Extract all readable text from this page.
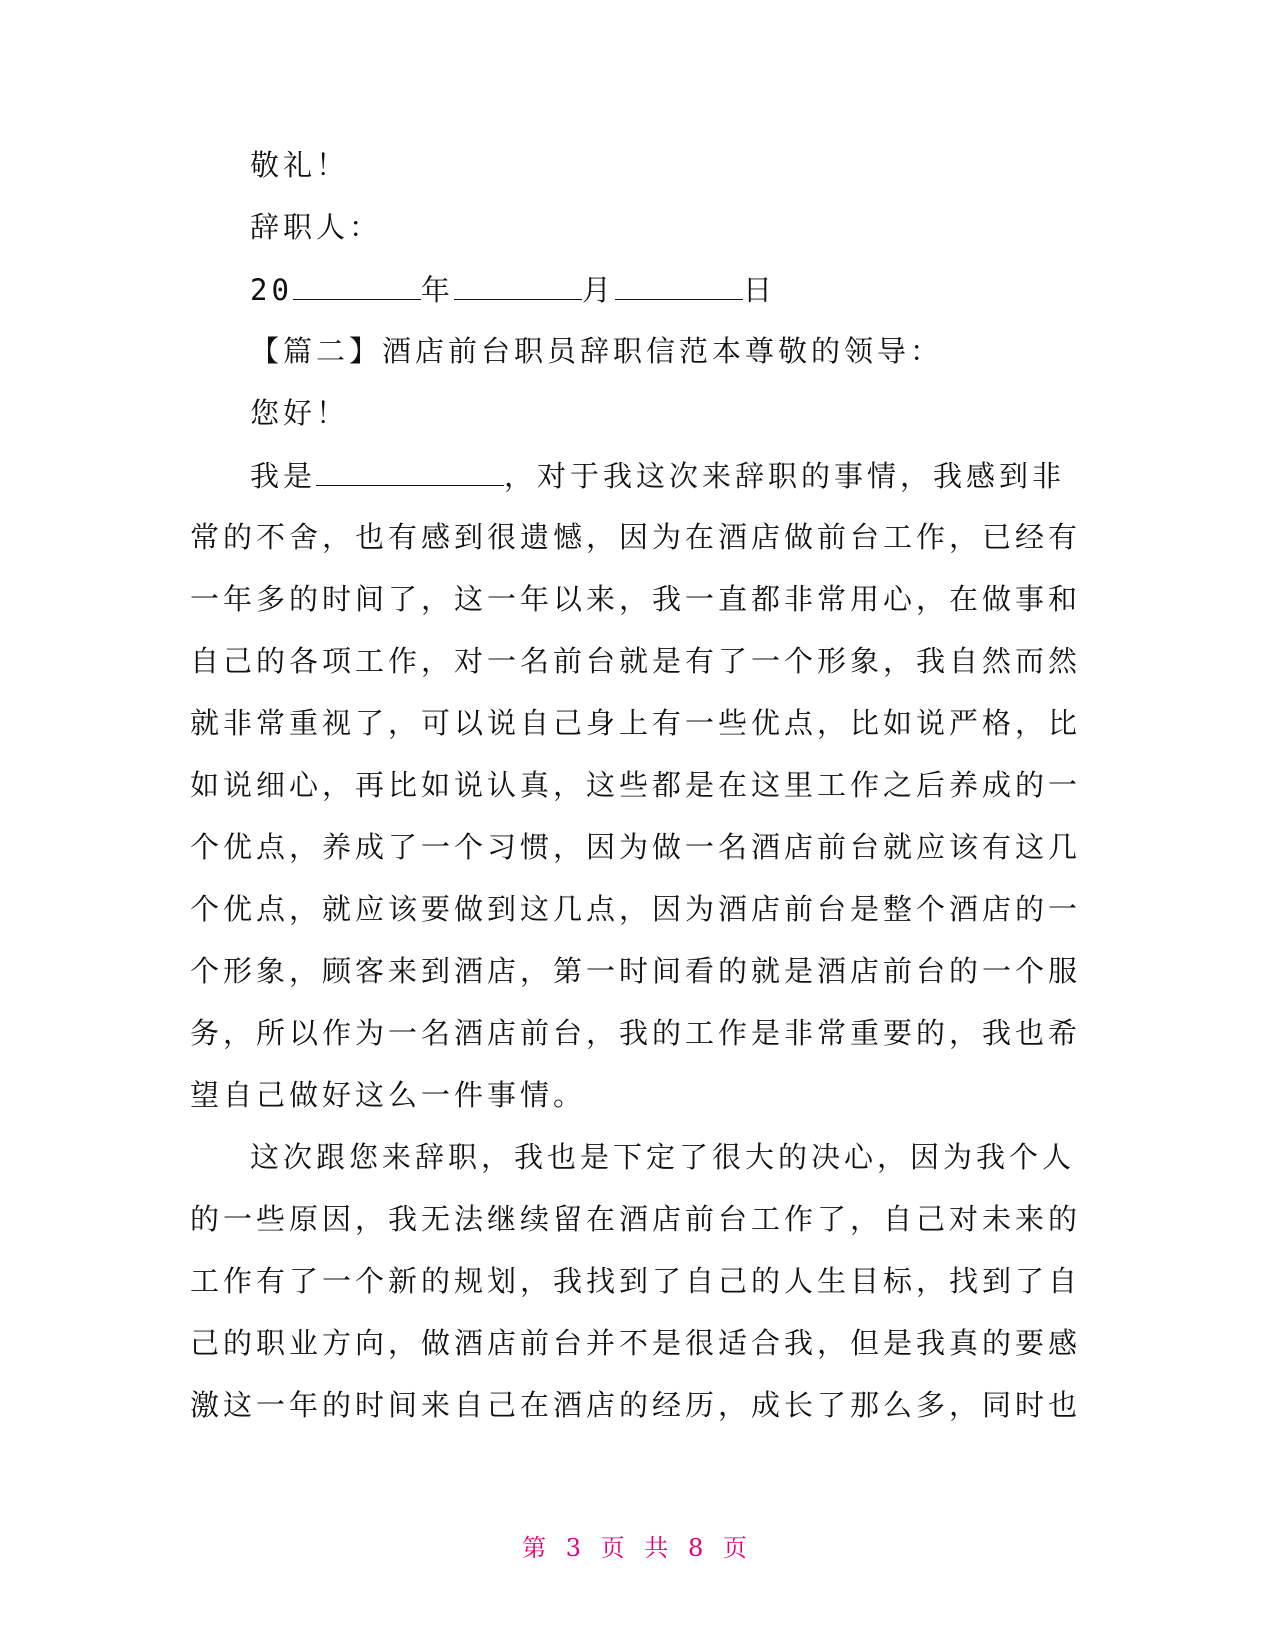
敬礼！
辞职人：
20	年	月	日
【篇二】酒店前台职员辞职信范本尊敬的领导：
您好！
我是	，对于我这次来辞职的事情，我感到非
常的不舍，也有感到很遗憾，因为在酒店做前台工作，已经有
一年多的时间了，这一年以来，我一直都非常用心，在做事和
自己的各项工作，对一名前台就是有了一个形象，我自然而然
就非常重视了，可以说自己身上有一些优点，比如说严格，比
如说细心，再比如说认真，这些都是在这里工作之后养成的一
个优点，养成了一个习惯，因为做一名酒店前台就应该有这几
个优点，就应该要做到这几点，因为酒店前台是整个酒店的一
个形象，顾客来到酒店，第一时间看的就是酒店前台的一个服
务，所以作为一名酒店前台，我的工作是非常重要的，我也希
望自己做好这么一件事情。
这次跟您来辞职，我也是下定了很大的决心，因为我个人
的一些原因，我无法继续留在酒店前台工作了，自己对未来的
工作有了一个新的规划，我找到了自己的人生目标，找到了自
己的职业方向，做酒店前台并不是很适合我，但是我真的要感
激这一年的时间来自己在酒店的经历，成长了那么多，同时也
第 3 页 共 8 页
